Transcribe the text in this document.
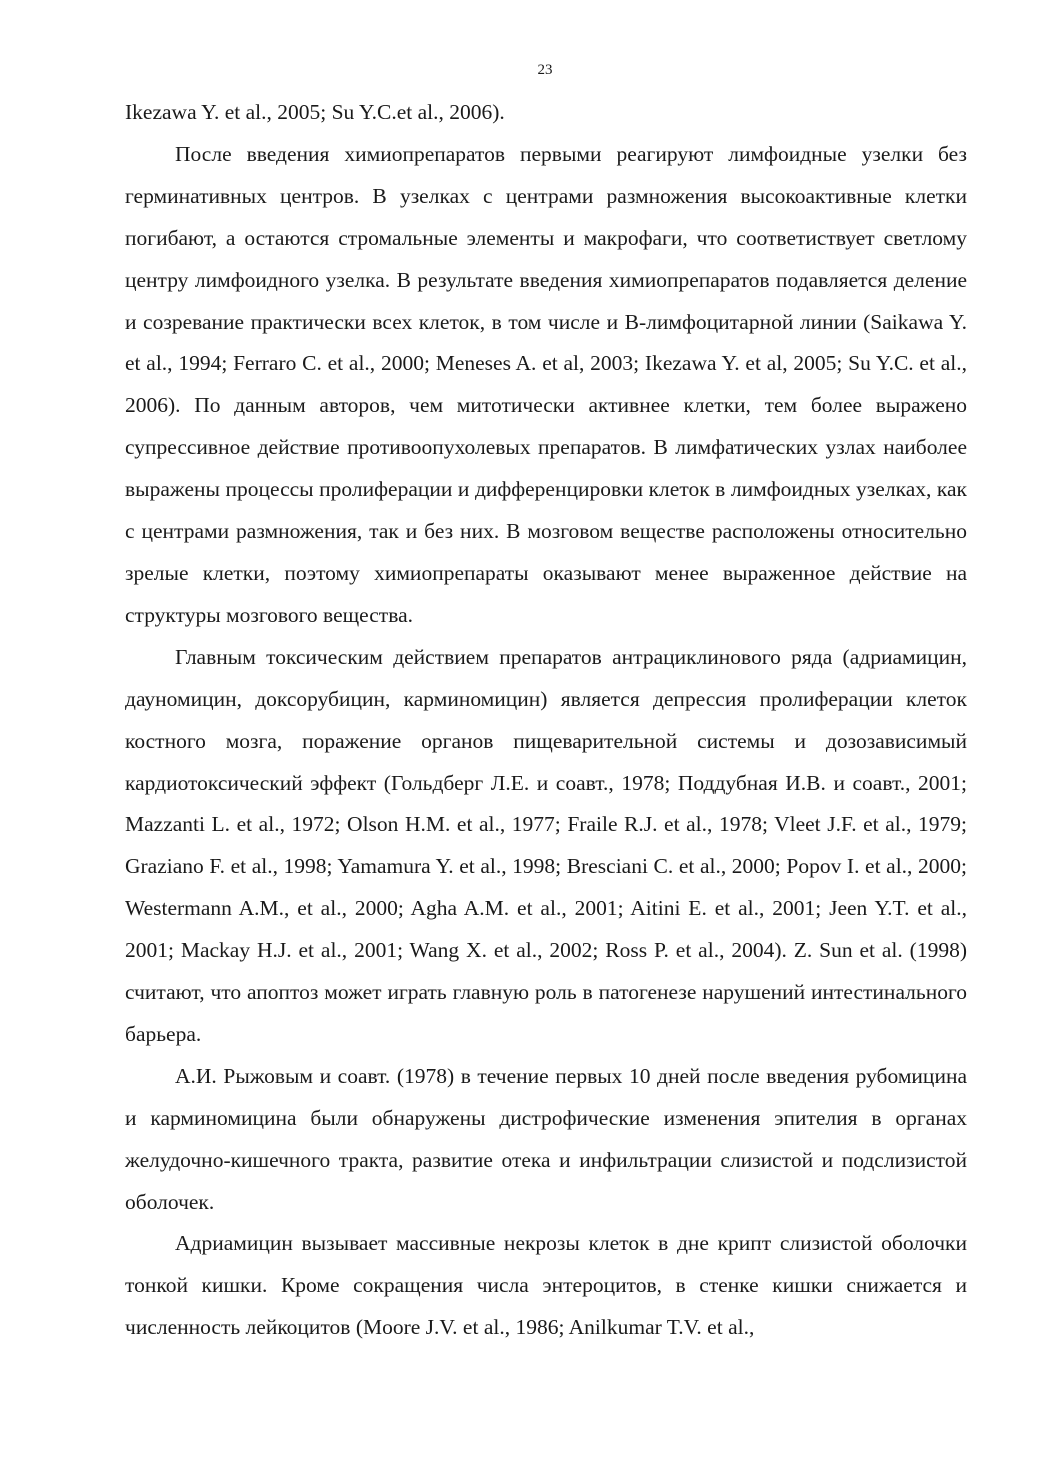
23

Ikezawa Y. et al., 2005; Su Y.C.et al., 2006).

После введения химиопрепаратов первыми реагируют лимфоидные узелки без герминативных центров. В узелках с центрами размножения высокоактивные клетки погибают, а остаются стромальные элементы и макрофаги, что соответиствует светлому центру лимфоидного узелка. В результате введения химиопрепаратов подавляется деление и созревание практически всех клеток, в том числе и В-лимфоцитарной линии (Saikawa Y. et al., 1994; Ferraro C. et al., 2000; Meneses A. et al, 2003; Ikezawa Y. et al, 2005; Su Y.C. et al., 2006). По данным авторов, чем митотически активнее клетки, тем более выражено супрессивное действие противоопухолевых препаратов. В лимфатических узлах наиболее выражены процессы пролиферации и дифференцировки клеток в лимфоидных узелках, как с центрами размножения, так и без них. В мозговом веществе расположены относительно зрелые клетки, поэтому химиопрепараты оказывают менее выраженное действие на структуры мозгового вещества.

Главным токсическим действием препаратов антрациклинового ряда (адриамицин, дауномицин, доксорубицин, карминомицин) является депрессия пролиферации клеток костного мозга, поражение органов пищеварительной системы и дозозависимый кардиотоксический эффект (Гольдберг Л.Е. и соавт., 1978; Поддубная И.В. и соавт., 2001; Mazzanti L. et al., 1972; Olson H.M. et al., 1977; Fraile R.J. et al., 1978; Vleet J.F. et al., 1979; Graziano F. et al., 1998; Yamamura Y. et al., 1998; Bresciani C. et al., 2000; Popov I. et al., 2000; Westermann A.M., et al., 2000; Agha A.M. et al., 2001; Aitini E. et al., 2001; Jeen Y.T. et al., 2001; Mackay H.J. et al., 2001; Wang X. et al., 2002; Ross P. et al., 2004). Z. Sun et al. (1998) считают, что апоптоз может играть главную роль в патогенезе нарушений интестинального барьера.

А.И. Рыжовым и соавт. (1978) в течение первых 10 дней после введения рубомицина и карминомицина были обнаружены дистрофические изменения эпителия в органах желудочно-кишечного тракта, развитие отека и инфильтрации слизистой и подслизистой оболочек.

Адриамицин вызывает массивные некрозы клеток в дне крипт слизистой оболочки тонкой кишки. Кроме сокращения числа энтероцитов, в стенке кишки снижается и численность лейкоцитов (Moore J.V. et al., 1986; Anilkumar T.V. et al.,
